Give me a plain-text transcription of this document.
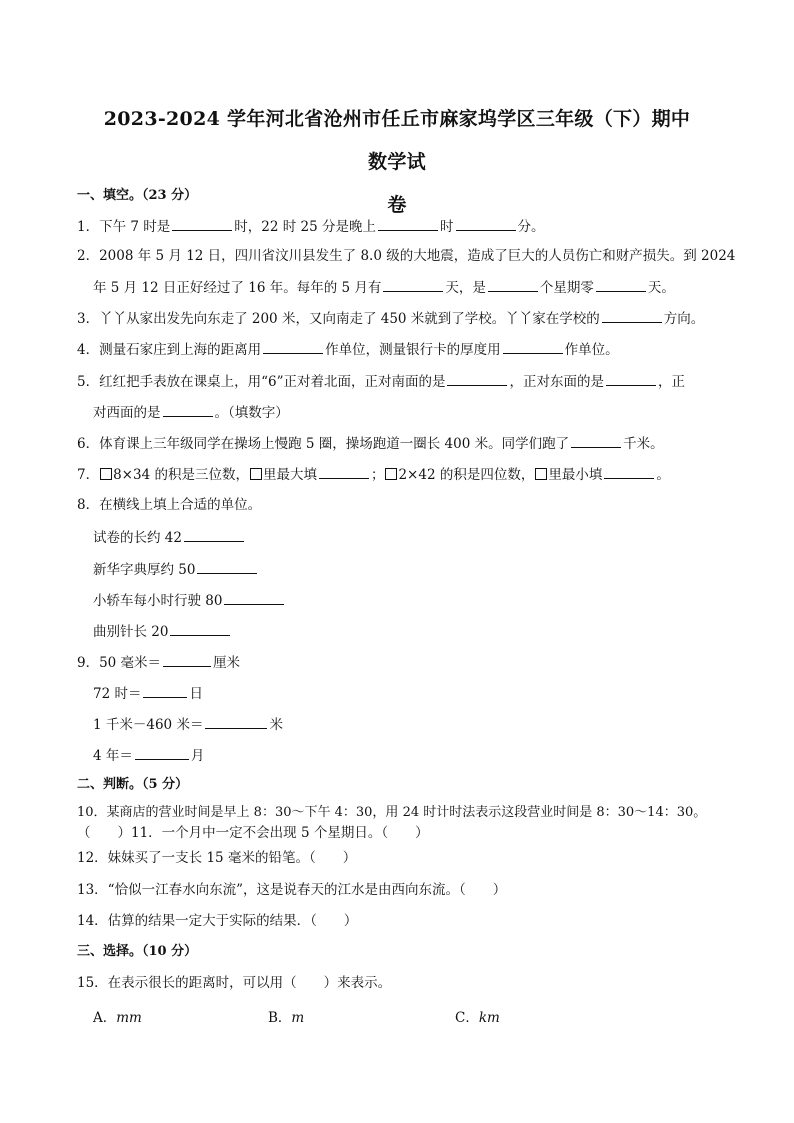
2023-2024 学年河北省沧州市任丘市麻家坞学区三年级（下）期中数学试
卷
一、填空。（23 分）
1．下午 7 时是	时，22 时 25 分是晚上	时	分。
2．2008 年 5 月 12 日，四川省汶川县发生了 8.0 级的大地震，造成了巨大的人员伤亡和财产损失。到 2024
年 5 月 12 日正好经过了 16 年。每年的 5 月有	天，是	个星期零	天。
3．丫丫从家出发先向东走了 200 米，又向南走了 450 米就到了学校。丫丫家在学校的	方向。
4．测量石家庄到上海的距离用	作单位，测量银行卡的厚度用	作单位。
5．红红把手表放在课桌上，用“6”正对着北面，正对南面的是	，正对东面的是	，正
对西面的是	。（填数字）
6．体育课上三年级同学在操场上慢跑 5 圈，操场跑道一圈长 400 米。同学们跑了	千米。
7． 8×34 的积是三位数， 里最大填	； 2×42 的积是四位数， 里最小填	。
8．在横线上填上合适的单位。
试卷的长约 42
新华字典厚约 50
小轿车每小时行驶 80
曲别针长 20
9．50 毫米＝	厘米
72 时＝	日
1 千米－460 米＝	米
4 年＝	月
二、判断。（5 分）
10．某商店的营业时间是早上 8：30～下午 4：30，用 24 时计时法表示这段营业时间是 8：30～14：30。
（　　）11．一个月中一定不会出现 5 个星期日。（　　）
12．妹妹买了一支长 15 毫米的铅笔。（　　）
13．“恰似一江春水向东流”，这是说春天的江水是由西向东流。（　　）
14．估算的结果一定大于实际的结果．（　　）
三、选择。（10 分）
15．在表示很长的距离时，可以用（　　）来表示。
A．mm	B．m	C．km
